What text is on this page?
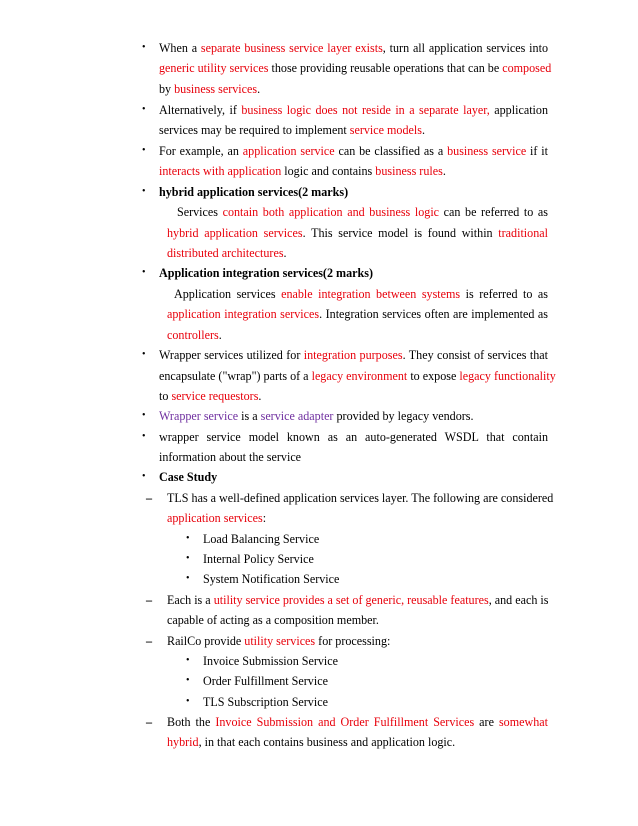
• When a separate business service layer exists, turn all application services into
generic utility services those providing reusable operations that can be composed
by business services.
• Alternatively, if business logic does not reside in a separate layer, application
services may be required to implement service models.
• For example, an application service can be classified as a business service if it
interacts with application logic and contains business rules.
• hybrid application services(2 marks)
Services contain both application and business logic can be referred to as
hybrid application services. This service model is found within traditional
distributed architectures.
• Application integration services(2 marks)
Application services enable integration between systems is referred to as
application integration services. Integration services often are implemented as
controllers.
• Wrapper services utilized for integration purposes. They consist of services that
encapsulate ("wrap") parts of a legacy environment to expose legacy functionality
to service requestors.
• Wrapper service is a service adapter provided by legacy vendors.
• wrapper service model known as an auto-generated WSDL that contain
information about the service
• Case Study
– TLS has a well-defined application services layer. The following are considered
application services:
• Load Balancing Service
• Internal Policy Service
• System Notification Service
– Each is a utility service provides a set of generic, reusable features, and each is
capable of acting as a composition member.
– RailCo provide utility services for processing:
• Invoice Submission Service
• Order Fulfillment Service
• TLS Subscription Service
– Both the Invoice Submission and Order Fulfillment Services are somewhat
hybrid, in that each contains business and application logic.
